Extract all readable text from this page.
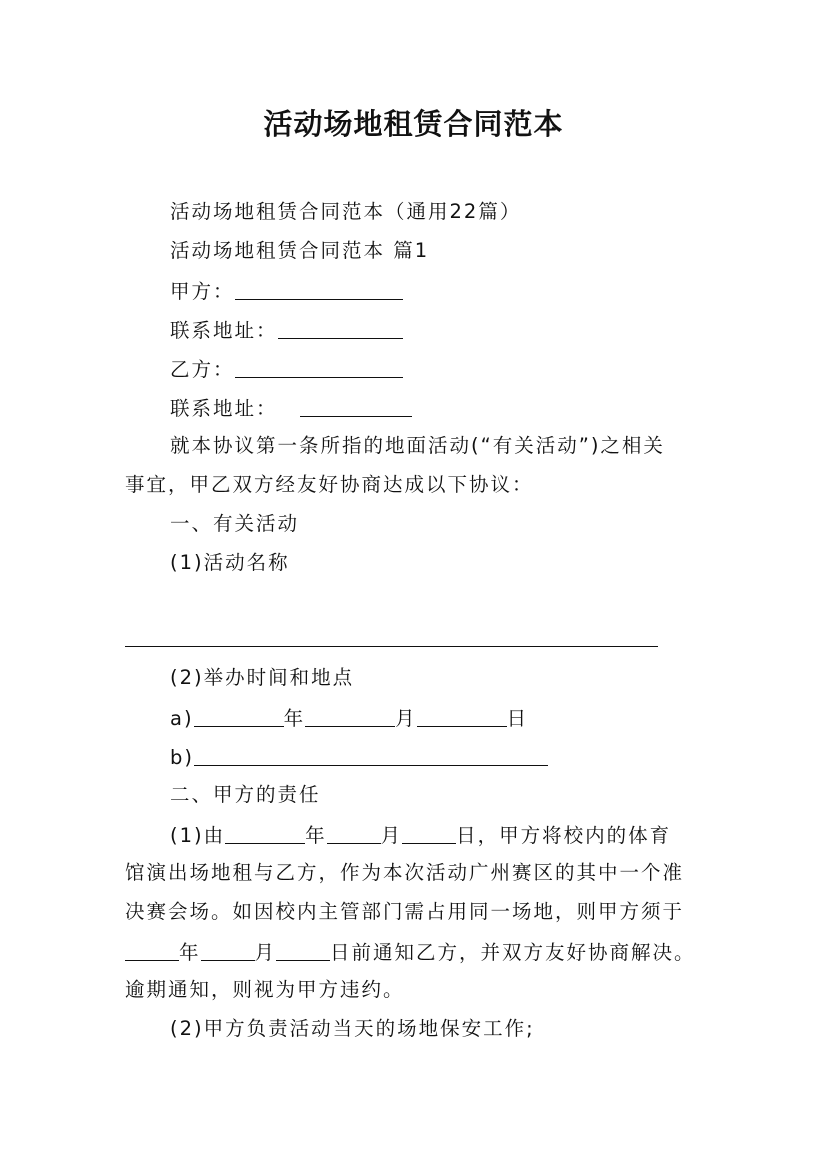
活动场地租赁合同范本
活动场地租赁合同范本（通用22篇）
活动场地租赁合同范本 篇1
甲方：
联系地址：
乙方：
联系地址：
就本协议第一条所指的地面活动(“有关活动”)之相关
事宜，甲乙双方经友好协商达成以下协议：
一、有关活动
(1)活动名称
(2)举办时间和地点
a)	年	月	日
b)
二、甲方的责任
(1)由	年	月	日，甲方将校内的体育
馆演出场地租与乙方，作为本次活动广州赛区的其中一个准
决赛会场。如因校内主管部门需占用同一场地，则甲方须于
年	月	日前通知乙方，并双方友好协商解决。
逾期通知，则视为甲方违约。
(2)甲方负责活动当天的场地保安工作;
